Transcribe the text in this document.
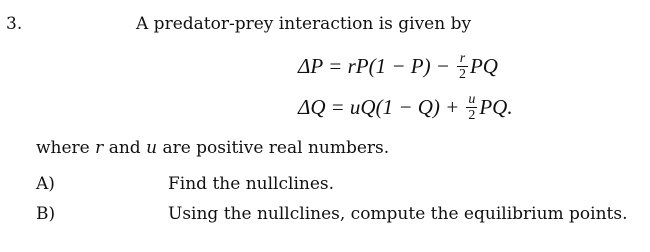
3.	A predator-prey interaction is given by
$\Delta P = rP(1 - P) - \frac{r}{2}$ PQ
$\Delta Q = uQ(1 - Q) + \frac{u}{2}$ PQ.
where r and u are positive real numbers.
A)	Find the nullclines.
B)	Using the nullclines, compute the equilibrium points.
